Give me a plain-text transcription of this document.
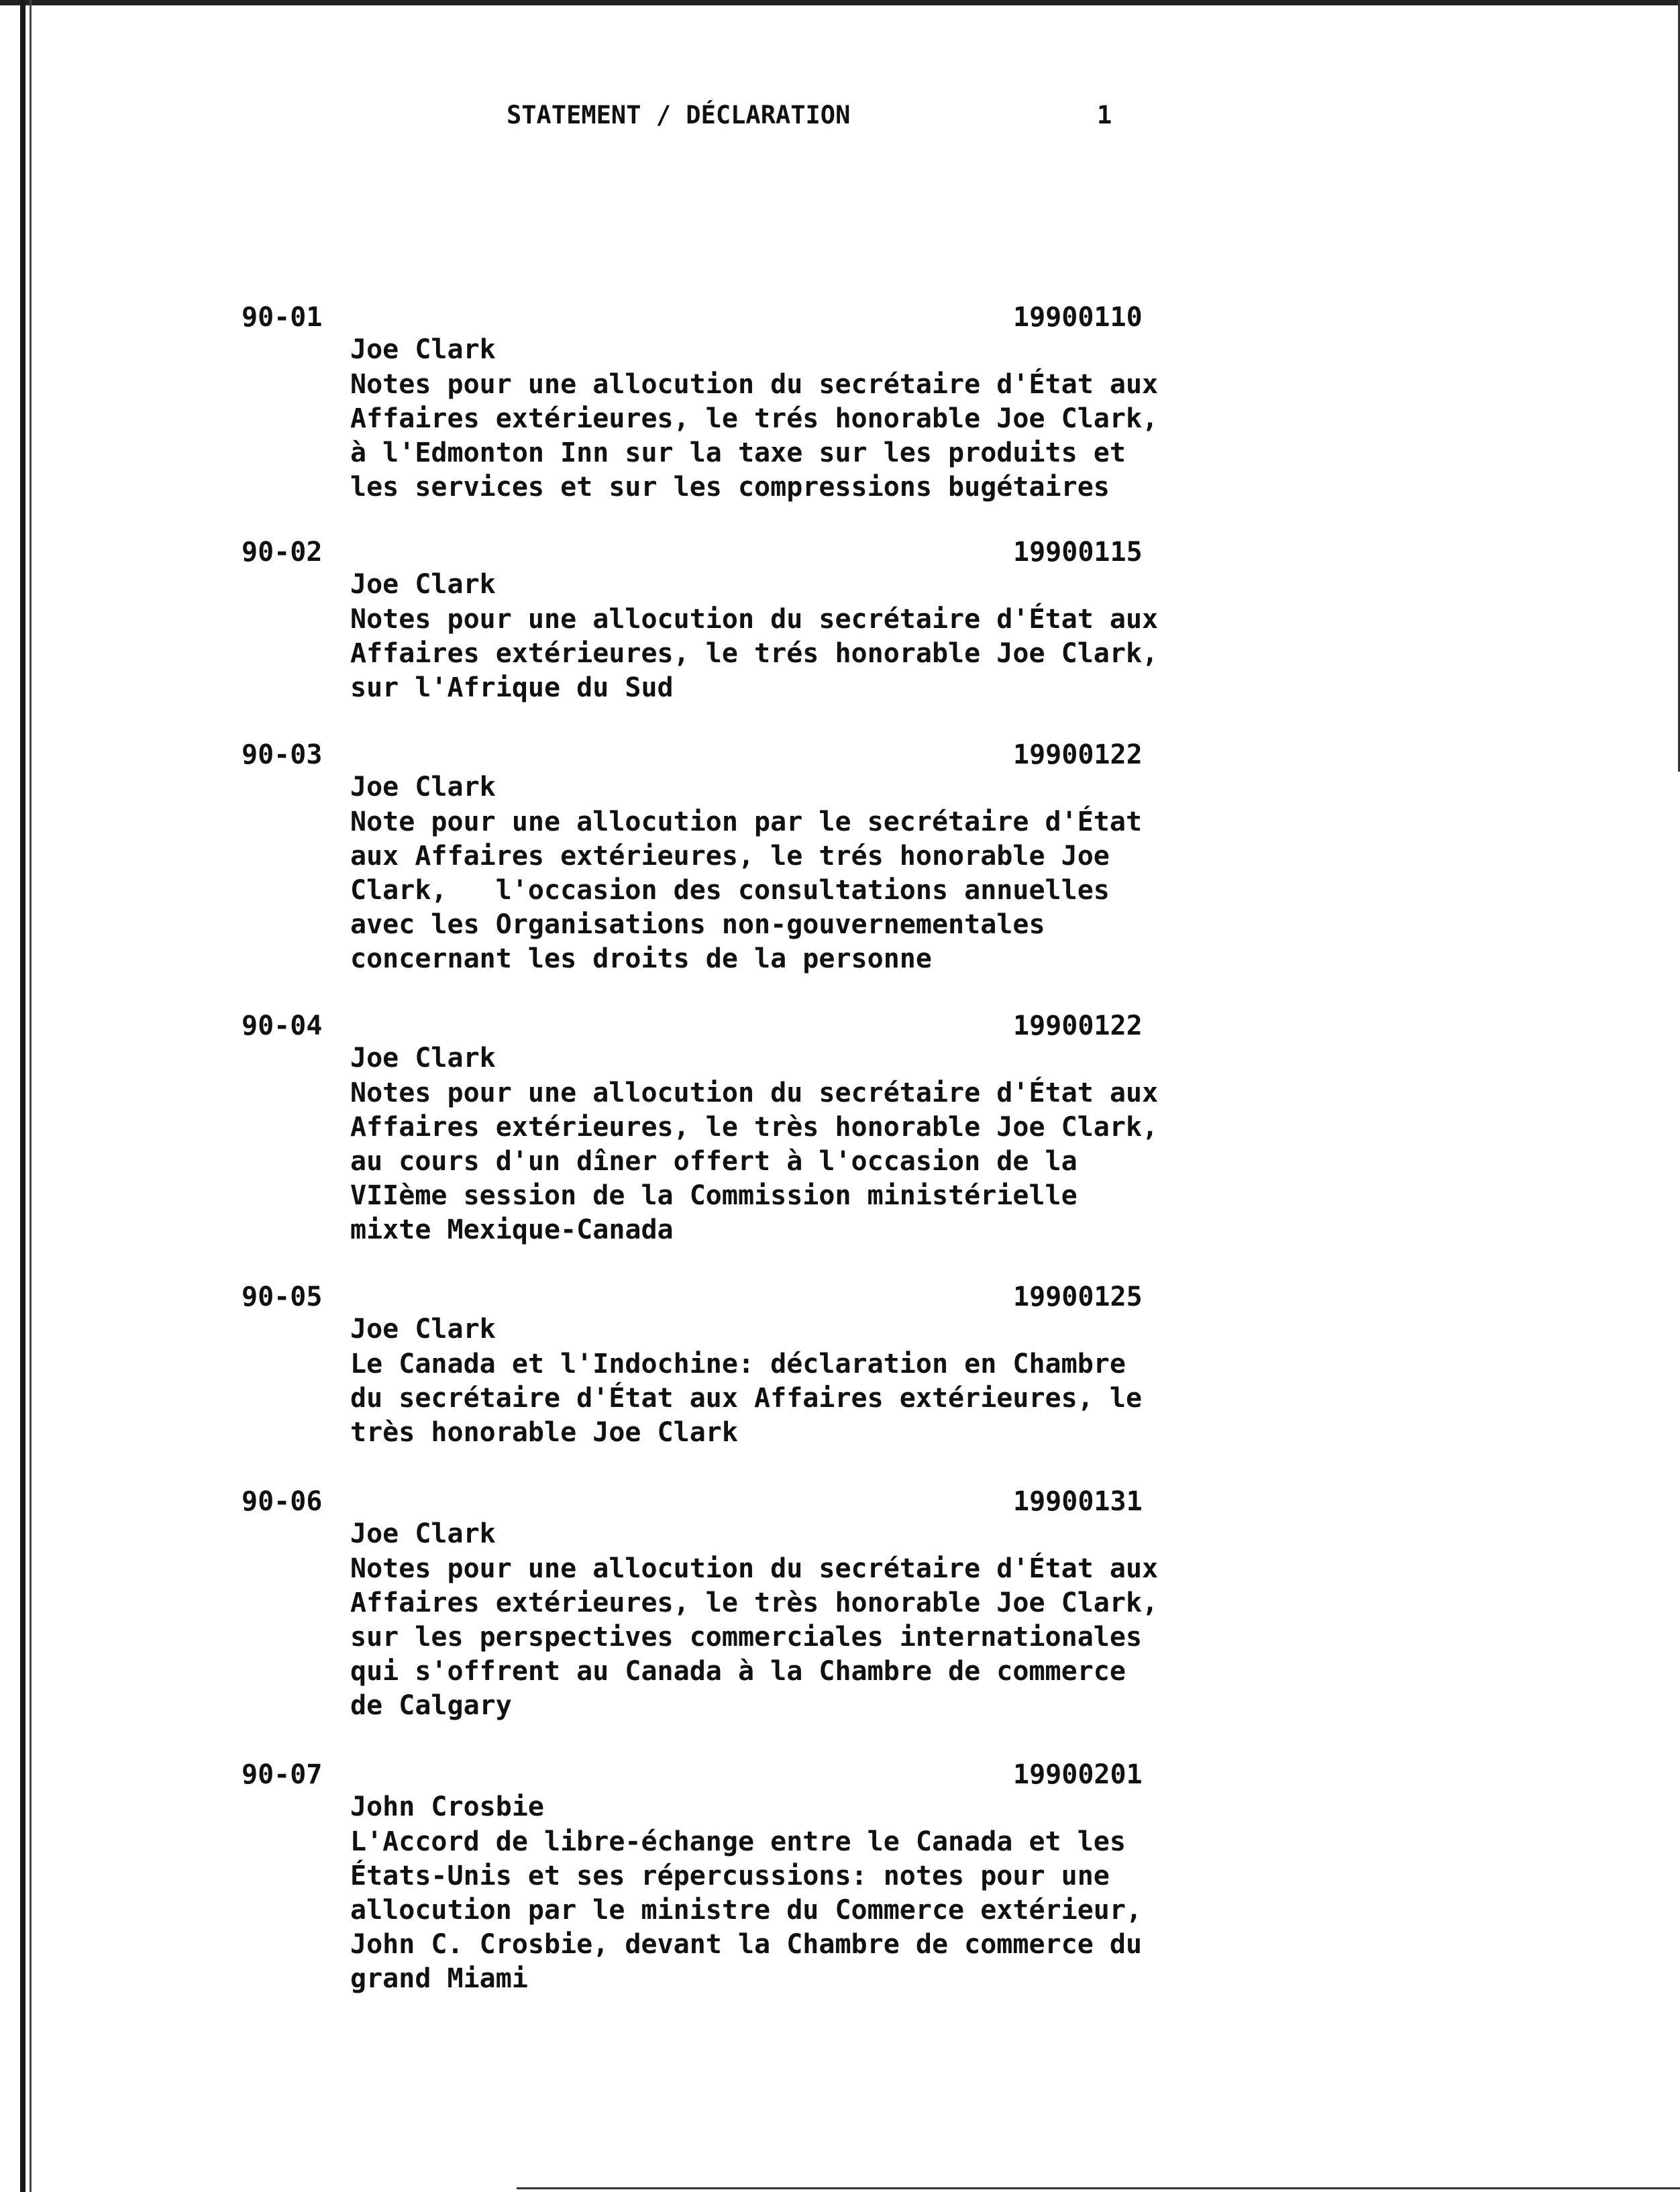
STATEMENT / DÉCLARATION	1
90-01	19900110
Joe Clark
Notes pour une allocution du secrétaire d'État aux
Affaires extérieures, le trés honorable Joe Clark,
à l'Edmonton Inn sur la taxe sur les produits et
les services et sur les compressions bugétaires
90-02	19900115
Joe Clark
Notes pour une allocution du secrétaire d'État aux
Affaires extérieures, le trés honorable Joe Clark,
sur l'Afrique du Sud
90-03	19900122
Joe Clark
Note pour une allocution par le secrétaire d'État
aux Affaires extérieures, le trés honorable Joe
Clark,   l'occasion des consultations annuelles
avec les Organisations non-gouvernementales
concernant les droits de la personne
90-04	19900122
Joe Clark
Notes pour une allocution du secrétaire d'État aux
Affaires extérieures, le très honorable Joe Clark,
au cours d'un dîner offert à l'occasion de la
VIIème session de la Commission ministérielle
mixte Mexique-Canada
90-05	19900125
Joe Clark
Le Canada et l'Indochine: déclaration en Chambre
du secrétaire d'État aux Affaires extérieures, le
très honorable Joe Clark
90-06	19900131
Joe Clark
Notes pour une allocution du secrétaire d'État aux
Affaires extérieures, le très honorable Joe Clark,
sur les perspectives commerciales internationales
qui s'offrent au Canada à la Chambre de commerce
de Calgary
90-07	19900201
John Crosbie
L'Accord de libre-échange entre le Canada et les
États-Unis et ses répercussions: notes pour une
allocution par le ministre du Commerce extérieur,
John C. Crosbie, devant la Chambre de commerce du
grand Miami
